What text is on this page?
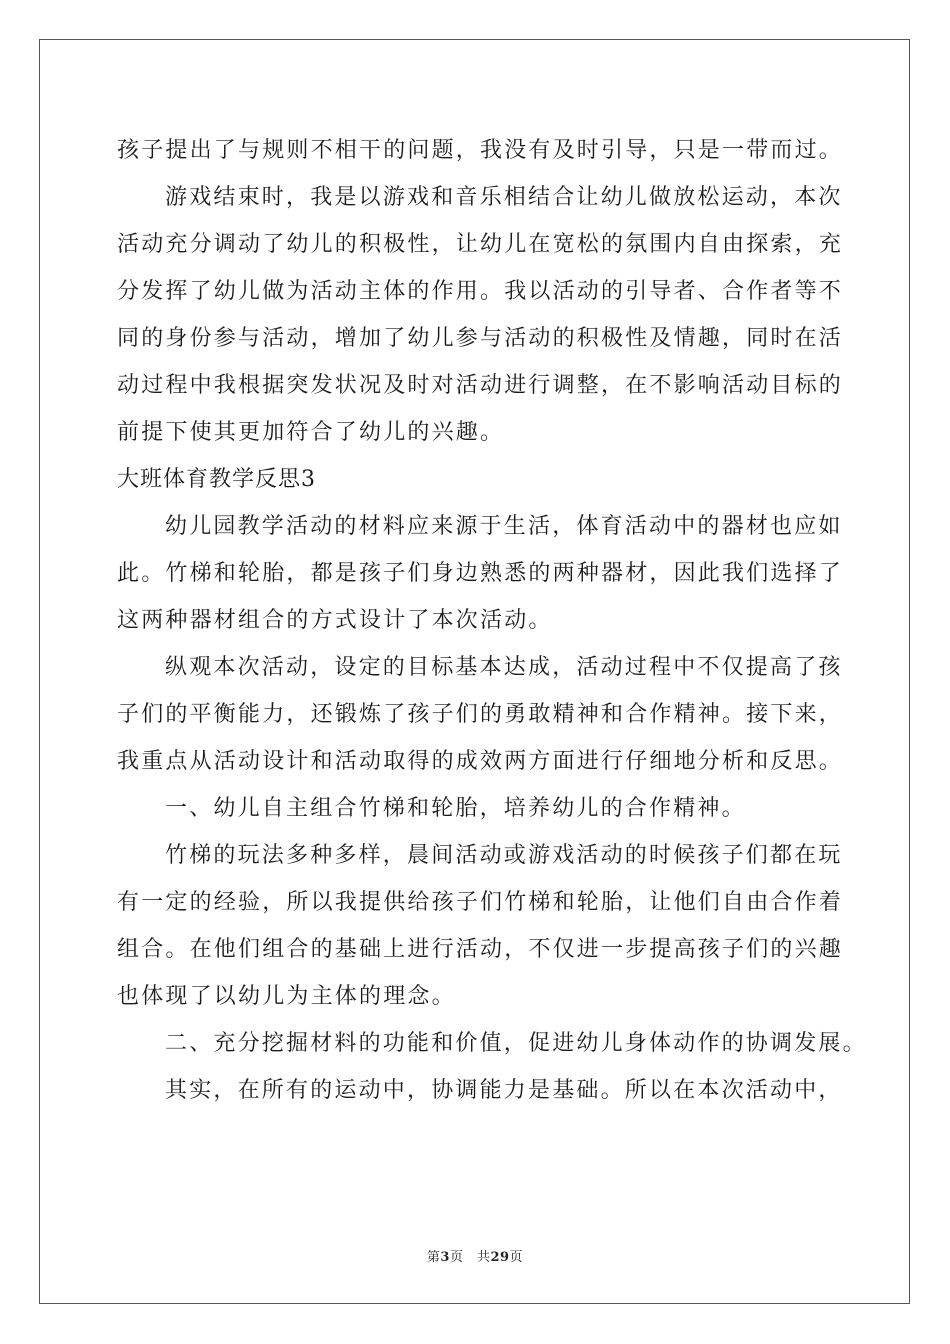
孩子提出了与规则不相干的问题，我没有及时引导，只是一带而过。
游戏结束时，我是以游戏和音乐相结合让幼儿做放松运动，本次
活动充分调动了幼儿的积极性，让幼儿在宽松的氛围内自由探索，充
分发挥了幼儿做为活动主体的作用。我以活动的引导者、合作者等不
同的身份参与活动，增加了幼儿参与活动的积极性及情趣，同时在活
动过程中我根据突发状况及时对活动进行调整，在不影响活动目标的
前提下使其更加符合了幼儿的兴趣。
大班体育教学反思3
幼儿园教学活动的材料应来源于生活，体育活动中的器材也应如
此。竹梯和轮胎，都是孩子们身边熟悉的两种器材，因此我们选择了
这两种器材组合的方式设计了本次活动。
纵观本次活动，设定的目标基本达成，活动过程中不仅提高了孩
子们的平衡能力，还锻炼了孩子们的勇敢精神和合作精神。接下来，
我重点从活动设计和活动取得的成效两方面进行仔细地分析和反思。
一、幼儿自主组合竹梯和轮胎，培养幼儿的合作精神。
竹梯的玩法多种多样，晨间活动或游戏活动的时候孩子们都在玩
有一定的经验，所以我提供给孩子们竹梯和轮胎，让他们自由合作着
组合。在他们组合的基础上进行活动，不仅进一步提高孩子们的兴趣
也体现了以幼儿为主体的理念。
二、充分挖掘材料的功能和价值，促进幼儿身体动作的协调发展。
其实，在所有的运动中，协调能力是基础。所以在本次活动中，
第3页　共29页
